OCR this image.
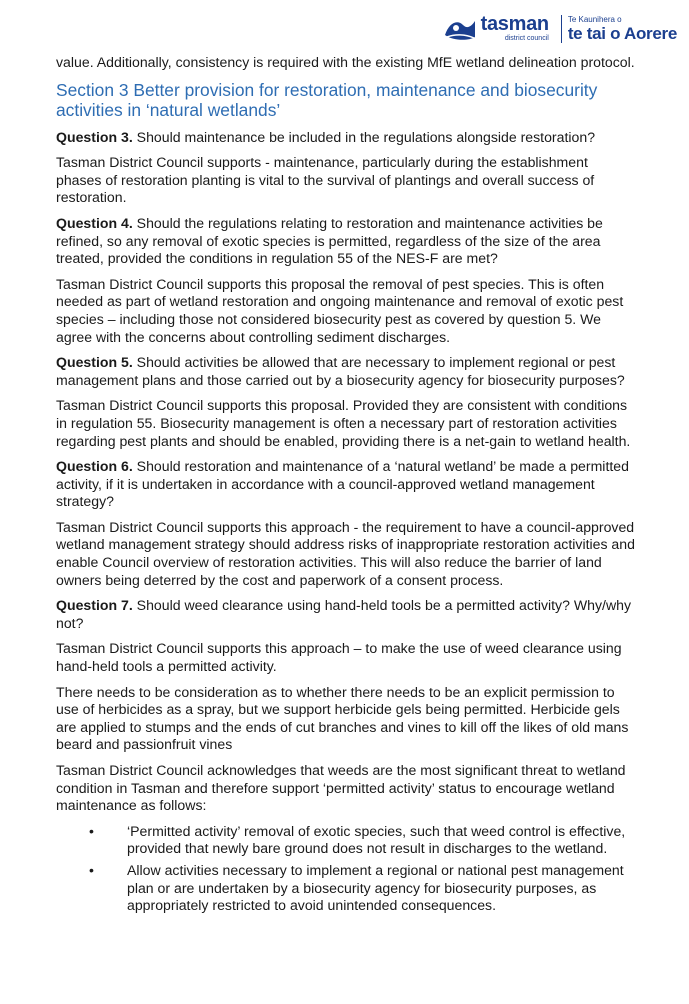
tasman
district council
Te Kaunihera o
te tai o Aorere

value. Additionally, consistency is required with the existing MfE wetland delineation protocol.

Section 3 Better provision for restoration, maintenance and biosecurity activities in ‘natural wetlands’

Question 3. Should maintenance be included in the regulations alongside restoration?

Tasman District Council supports - maintenance, particularly during the establishment phases of restoration planting is vital to the survival of plantings and overall success of restoration.

Question 4. Should the regulations relating to restoration and maintenance activities be refined, so any removal of exotic species is permitted, regardless of the size of the area treated, provided the conditions in regulation 55 of the NES-F are met?

Tasman District Council supports this proposal the removal of pest species. This is often needed as part of wetland restoration and ongoing maintenance and removal of exotic pest species – including those not considered biosecurity pest as covered by question 5. We agree with the concerns about controlling sediment discharges.

Question 5. Should activities be allowed that are necessary to implement regional or pest management plans and those carried out by a biosecurity agency for biosecurity purposes?

Tasman District Council supports this proposal. Provided they are consistent with conditions in regulation 55. Biosecurity management is often a necessary part of restoration activities regarding pest plants and should be enabled, providing there is a net-gain to wetland health.

Question 6. Should restoration and maintenance of a ‘natural wetland’ be made a permitted activity, if it is undertaken in accordance with a council-approved wetland management strategy?

Tasman District Council supports this approach - the requirement to have a council-approved wetland management strategy should address risks of inappropriate restoration activities and enable Council overview of restoration activities. This will also reduce the barrier of land owners being deterred by the cost and paperwork of a consent process.

Question 7. Should weed clearance using hand-held tools be a permitted activity? Why/why not?

Tasman District Council supports this approach – to make the use of weed clearance using hand-held tools a permitted activity.

There needs to be consideration as to whether there needs to be an explicit permission to use of herbicides as a spray, but we support herbicide gels being permitted. Herbicide gels are applied to stumps and the ends of cut branches and vines to kill off the likes of old mans beard and passionfruit vines

Tasman District Council acknowledges that weeds are the most significant threat to wetland condition in Tasman and therefore support ‘permitted activity’ status to encourage wetland maintenance as follows:

• ‘Permitted activity’ removal of exotic species, such that weed control is effective, provided that newly bare ground does not result in discharges to the wetland.
• Allow activities necessary to implement a regional or national pest management plan or are undertaken by a biosecurity agency for biosecurity purposes, as appropriately restricted to avoid unintended consequences.
